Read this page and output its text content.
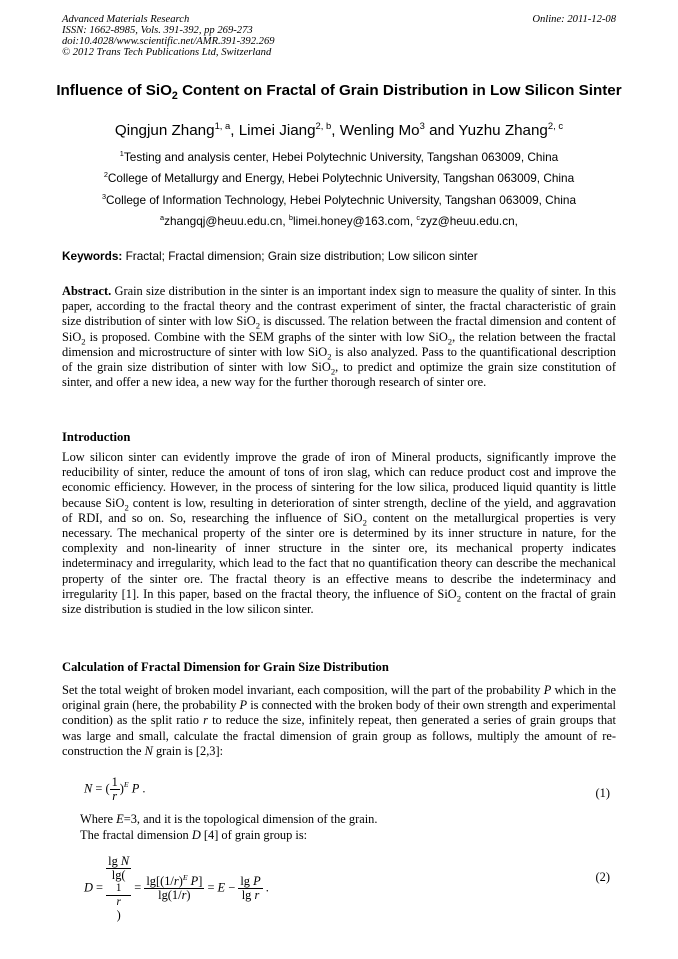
Advanced Materials Research
ISSN: 1662-8985, Vols. 391-392, pp 269-273
doi:10.4028/www.scientific.net/AMR.391-392.269
© 2012 Trans Tech Publications Ltd, Switzerland
Online: 2011-12-08
Influence of SiO$_2$ Content on Fractal of Grain Distribution in Low Silicon Sinter
Qingjun Zhang$^{1, a}$, Limei Jiang$^{2, b}$, Wenling Mo$^3$ and Yuzhu Zhang$^{2, c}$
$^1$Testing and analysis center, Hebei Polytechnic University, Tangshan 063009, China
$^2$College of Metallurgy and Energy, Hebei Polytechnic University, Tangshan 063009, China
$^3$College of Information Technology, Hebei Polytechnic University, Tangshan 063009, China
$^a$zhangqj@heuu.edu.cn, $^b$limei.honey@163.com, $^c$zyz@heuu.edu.cn,
Keywords: Fractal; Fractal dimension; Grain size distribution; Low silicon sinter
Abstract. Grain size distribution in the sinter is an important index sign to measure the quality of sinter. In this paper, according to the fractal theory and the contrast experiment of sinter, the fractal characteristic of grain size distribution of sinter with low SiO$_2$ is discussed. The relation between the fractal dimension and content of SiO$_2$ is proposed. Combine with the SEM graphs of the sinter with low SiO$_2$, the relation between the fractal dimension and microstructure of sinter with low SiO$_2$ is also analyzed. Pass to the quantificational description of the grain size distribution of sinter with low SiO$_2$, to predict and optimize the grain size constitution of sinter, and offer a new idea, a new way for the further thorough research of sinter ore.
Introduction
Low silicon sinter can evidently improve the grade of iron of Mineral products, significantly improve the reducibility of sinter, reduce the amount of tons of iron slag, which can reduce product cost and improve the economic efficiency. However, in the process of sintering for the low silica, produced liquid quantity is little because SiO$_2$ content is low, resulting in deterioration of sinter strength, decline of the yield, and aggravation of RDI, and so on. So, researching the influence of SiO$_2$ content on the metallurgical properties is very necessary. The mechanical property of the sinter ore is determined by its inner structure in nature, for the complexity and non-linearity of inner structure in the sinter ore, its mechanical property indicates indeterminacy and irregularity, which lead to the fact that no quantification theory can describe the mechanical property of the sinter ore. The fractal theory is an effective means to describe the indeterminacy and irregularity [1]. In this paper, based on the fractal theory, the influence of SiO$_2$ content on the fractal of grain size distribution is studied in the low silicon sinter.
Calculation of Fractal Dimension for Grain Size Distribution
Set the total weight of broken model invariant, each composition, will the part of the probability P which in the original grain (here, the probability P is connected with the broken body of their own strength and experimental condition) as the split ratio r to reduce the size, infinitely repeat, then generated a series of grain groups that was large and small, calculate the fractal dimension of grain group as follows, multiply the amount of re-construction the N grain is [2,3]:
N = ( $\frac{1}{r} )^E$ P .	(1)
Where E=3, and it is the topological dimension of the grain.
The fractal dimension D [4] of grain group is:
D = lg N
lg(
1
r
) = $\frac{\lg[(1/r)^E P]}{\lg(1/r)} = E - \frac{\text{lg P}}{\text{lg r}}$ .
(2)
